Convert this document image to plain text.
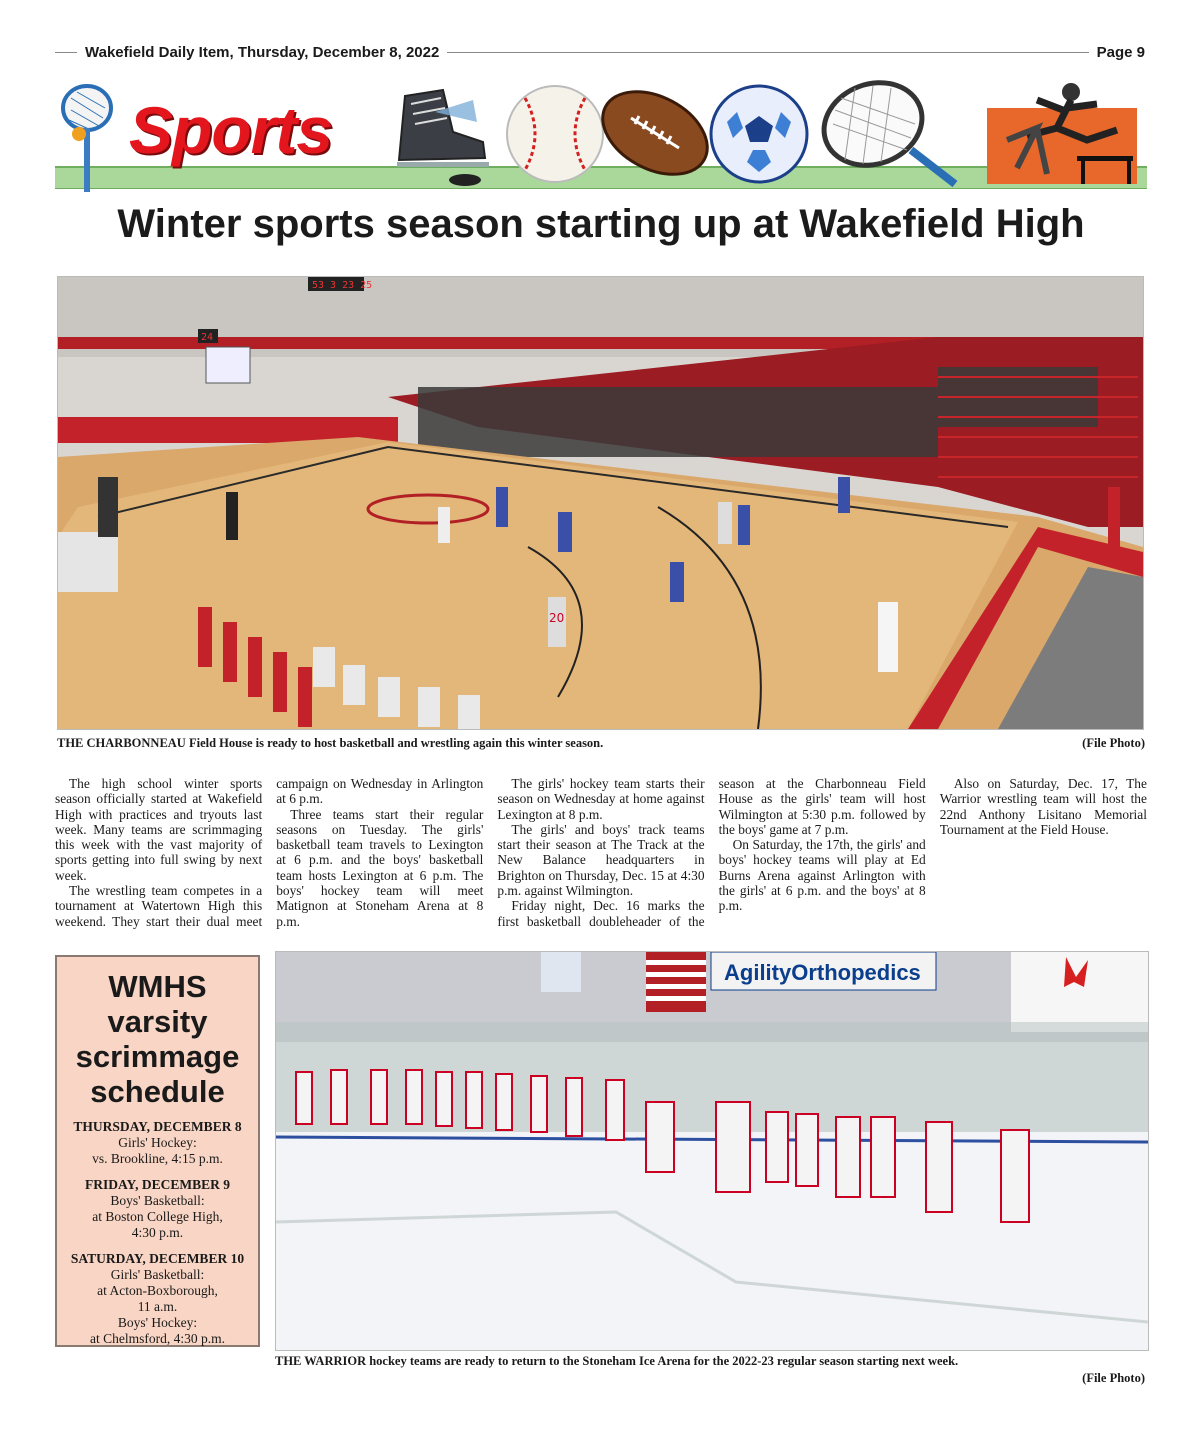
Wakefield Daily Item, Thursday, December 8, 2022	Page 9
Sports
Winter sports season starting up at Wakefield High
53 3 23 25
24
20
THE CHARBONNEAU Field House is ready to host basketball and wrestling again this winter season.	(File Photo)

The high school winter sports season officially started at Wakefield High with practices and tryouts last week. Many teams are scrimmaging this week with the vast majority of sports getting into full swing by next week.

The wrestling team competes in a tournament at Watertown High this weekend. They start their dual meet campaign on Wednesday in Arlington at 6 p.m.

Three teams start their regular seasons on Tuesday. The girls' basketball team travels to Lexington at 6 p.m. and the boys' basketball team hosts Lexington at 6 p.m. The boys' hockey team will meet Matignon at Stoneham Arena at 8 p.m.

The girls' hockey team starts their season on Wednesday at home against Lexington at 8 p.m.

The girls' and boys' track teams start their season at The Track at the New Balance headquarters in Brighton on Thursday, Dec. 15 at 4:30 p.m. against Wilmington.

Friday night, Dec. 16 marks the first basketball doubleheader of the season at the Charbonneau Field House as the girls' team will host Wilmington at 5:30 p.m. followed by the boys' game at 7 p.m.

On Saturday, the 17th, the girls' and boys' hockey teams will play at Ed Burns Arena against Arlington with the girls' at 6 p.m. and the boys' at 8 p.m.

Also on Saturday, Dec. 17, The Warrior wrestling team will host the 22nd Anthony Lisitano Memorial Tournament at the Field House.

WMHS
varsity
scrimmage
schedule
THURSDAY, DECEMBER 8
Girls' Hockey:
vs. Brookline, 4:15 p.m.
FRIDAY, DECEMBER 9
Boys' Basketball:
at Boston College High,
4:30 p.m.
SATURDAY, DECEMBER 10
Girls' Basketball:
at Acton-Boxborough,
11 a.m.
Boys' Hockey:
at Chelmsford, 4:30 p.m.
AgilityOrthopedics
THE WARRIOR hockey teams are ready to return to the Stoneham Ice Arena for the 2022-23 regular season starting next week.
(File Photo)
